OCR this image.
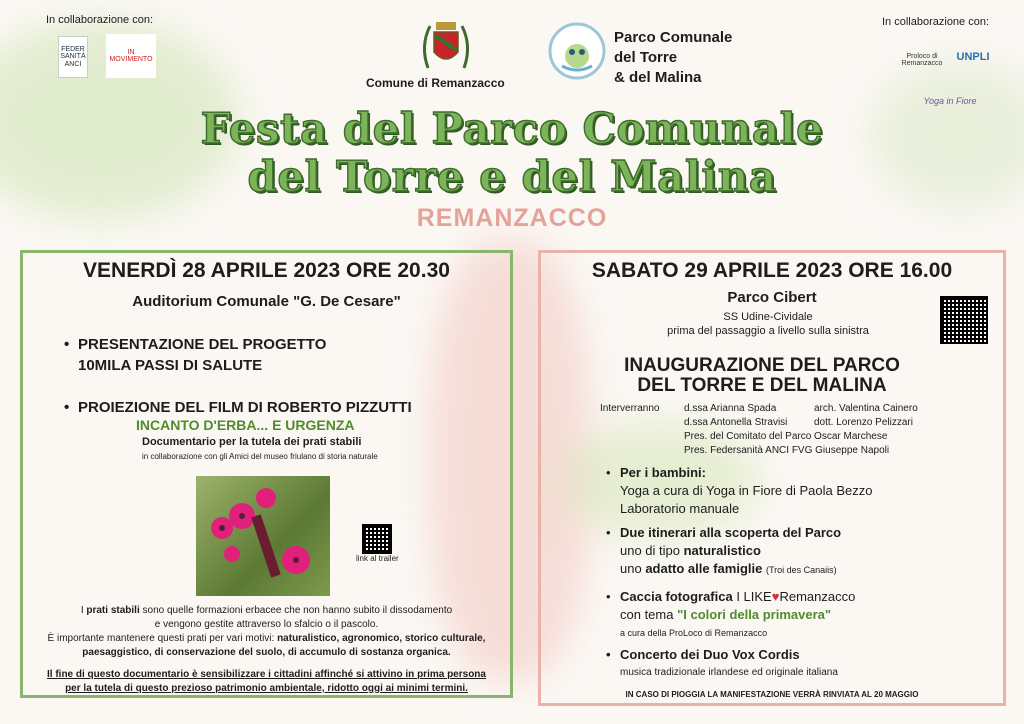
In collaborazione con:
FEDER SANITÀ ANCI
IN MOVIMENTO
Comune di Remanzacco
Parco Comunale
del Torre
& del Malina
In collaborazione con:
Proloco di Remanzacco
UNPLI
Yoga in Fiore
Festa del Parco Comunale
del Torre e del Malina
REMANZACCO
VENERDÌ 28 APRILE 2023 ORE 20.30
Auditorium Comunale "G. De Cesare"
• PRESENTAZIONE DEL PROGETTO
10MILA PASSI DI SALUTE
• PROIEZIONE DEL FILM DI ROBERTO PIZZUTTI
INCANTO D'ERBA... E URGENZA
Documentario per la tutela dei prati stabili
in collaborazione con gli Amici del museo friulano di storia naturale
link al trailer
I prati stabili sono quelle formazioni erbacee che non hanno subito il dissodamento
e vengono gestite attraverso lo sfalcio o il pascolo.
È importante mantenere questi prati per vari motivi: naturalistico, agronomico, storico culturale,
paesaggistico, di conservazione del suolo, di accumulo di sostanza organica.
Il fine di questo documentario è sensibilizzare i cittadini affinché si attivino in prima persona
per la tutela di questo prezioso patrimonio ambientale, ridotto oggi ai minimi termini.
SABATO 29 APRILE 2023 ORE 16.00
Parco Cibert
SS Udine-Cividale
prima del passaggio a livello sulla sinistra
INAUGURAZIONE DEL PARCO
DEL TORRE E DEL MALINA
Interverranno d.ssa Arianna Spada
d.ssa Antonella Stravisi
arch. Valentina Cainero
dott. Lorenzo Pelizzari
Pres. del Comitato del Parco Oscar Marchese
Pres. Federsanità ANCI FVG Giuseppe Napoli
• Per i bambini:
Yoga a cura di Yoga in Fiore di Paola Bezzo
Laboratorio manuale
• Due itinerari alla scoperta del Parco
uno di tipo naturalistico
uno adatto alle famiglie (Troi des Canaiis)
• Caccia fotografica I LIKE♥Remanzacco
con tema "I colori della primavera"
a cura della ProLoco di Remanzacco
• Concerto dei Duo Vox Cordis
musica tradizionale irlandese ed originale italiana
IN CASO DI PIOGGIA LA MANIFESTAZIONE VERRÀ RINVIATA AL 20 MAGGIO
